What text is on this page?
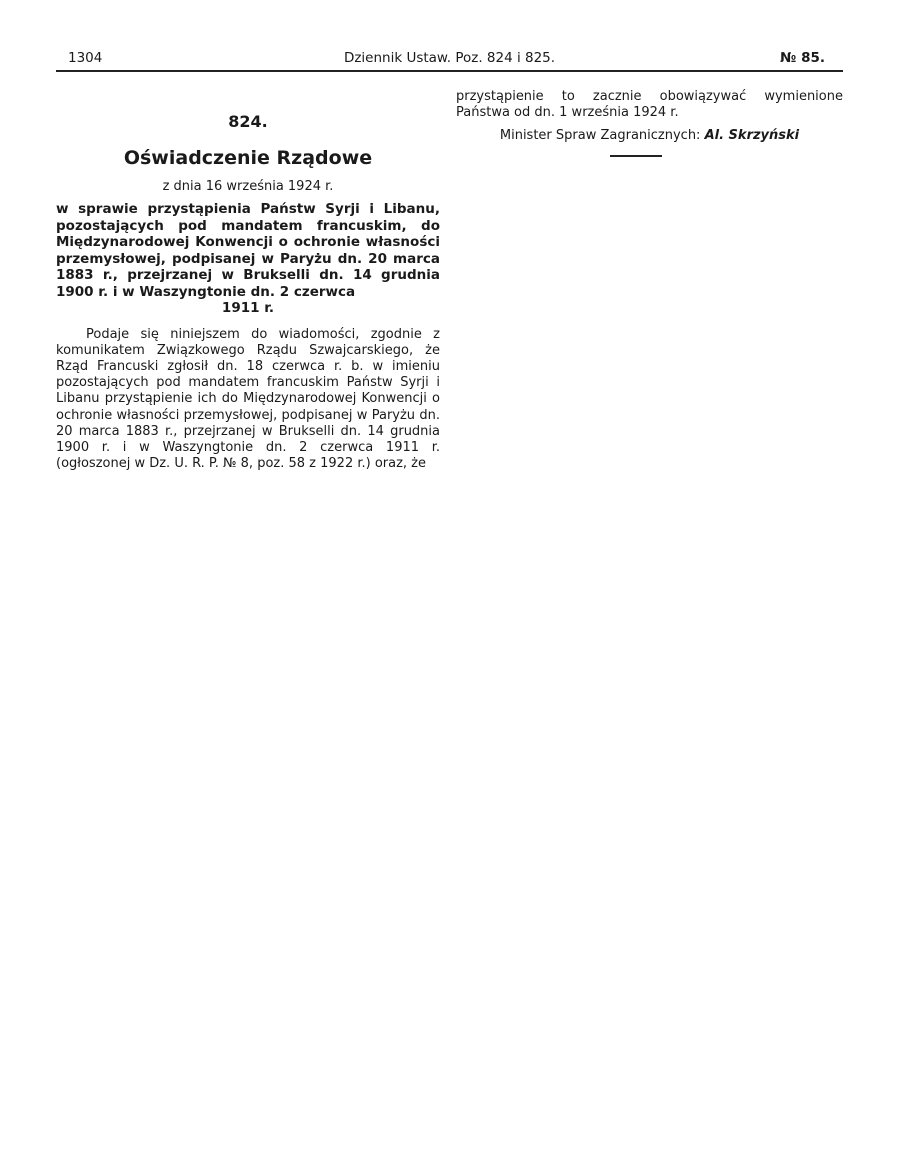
1304	Dziennik Ustaw. Poz. 824 i 825.	№ 85.
824.
Oświadczenie Rządowe
z dnia 16 września 1924 r.
w sprawie przystąpienia Państw Syrji i Libanu, pozostających pod mandatem francuskim, do Międzynarodowej Konwencji o ochronie własności przemysłowej, podpisanej w Paryżu dn. 20 marca 1883 r., przejrzanej w Brukselli dn. 14 grudnia 1900 r. i w Waszyngtonie dn. 2 czerwca
1911 r.

Podaje się niniejszem do wiadomości, zgodnie z komunikatem Związkowego Rządu Szwajcarskiego, że Rząd Francuski zgłosił dn. 18 czerwca r. b. w imieniu pozostających pod mandatem francuskim Państw Syrji i Libanu przystąpienie ich do Międzynarodowej Konwencji o ochronie własności przemysłowej, podpisanej w Paryżu dn. 20 marca 1883 r., przejrzanej w Brukselli dn. 14 grudnia 1900 r. i w Waszyngtonie dn. 2 czerwca 1911 r. (ogłoszonej w Dz. U. R. P. № 8, poz. 58 z 1922 r.) oraz, że

przystąpienie to zacznie obowiązywać wymienione Państwa od dn. 1 września 1924 r.

Minister Spraw Zagranicznych: Al. Skrzyński
